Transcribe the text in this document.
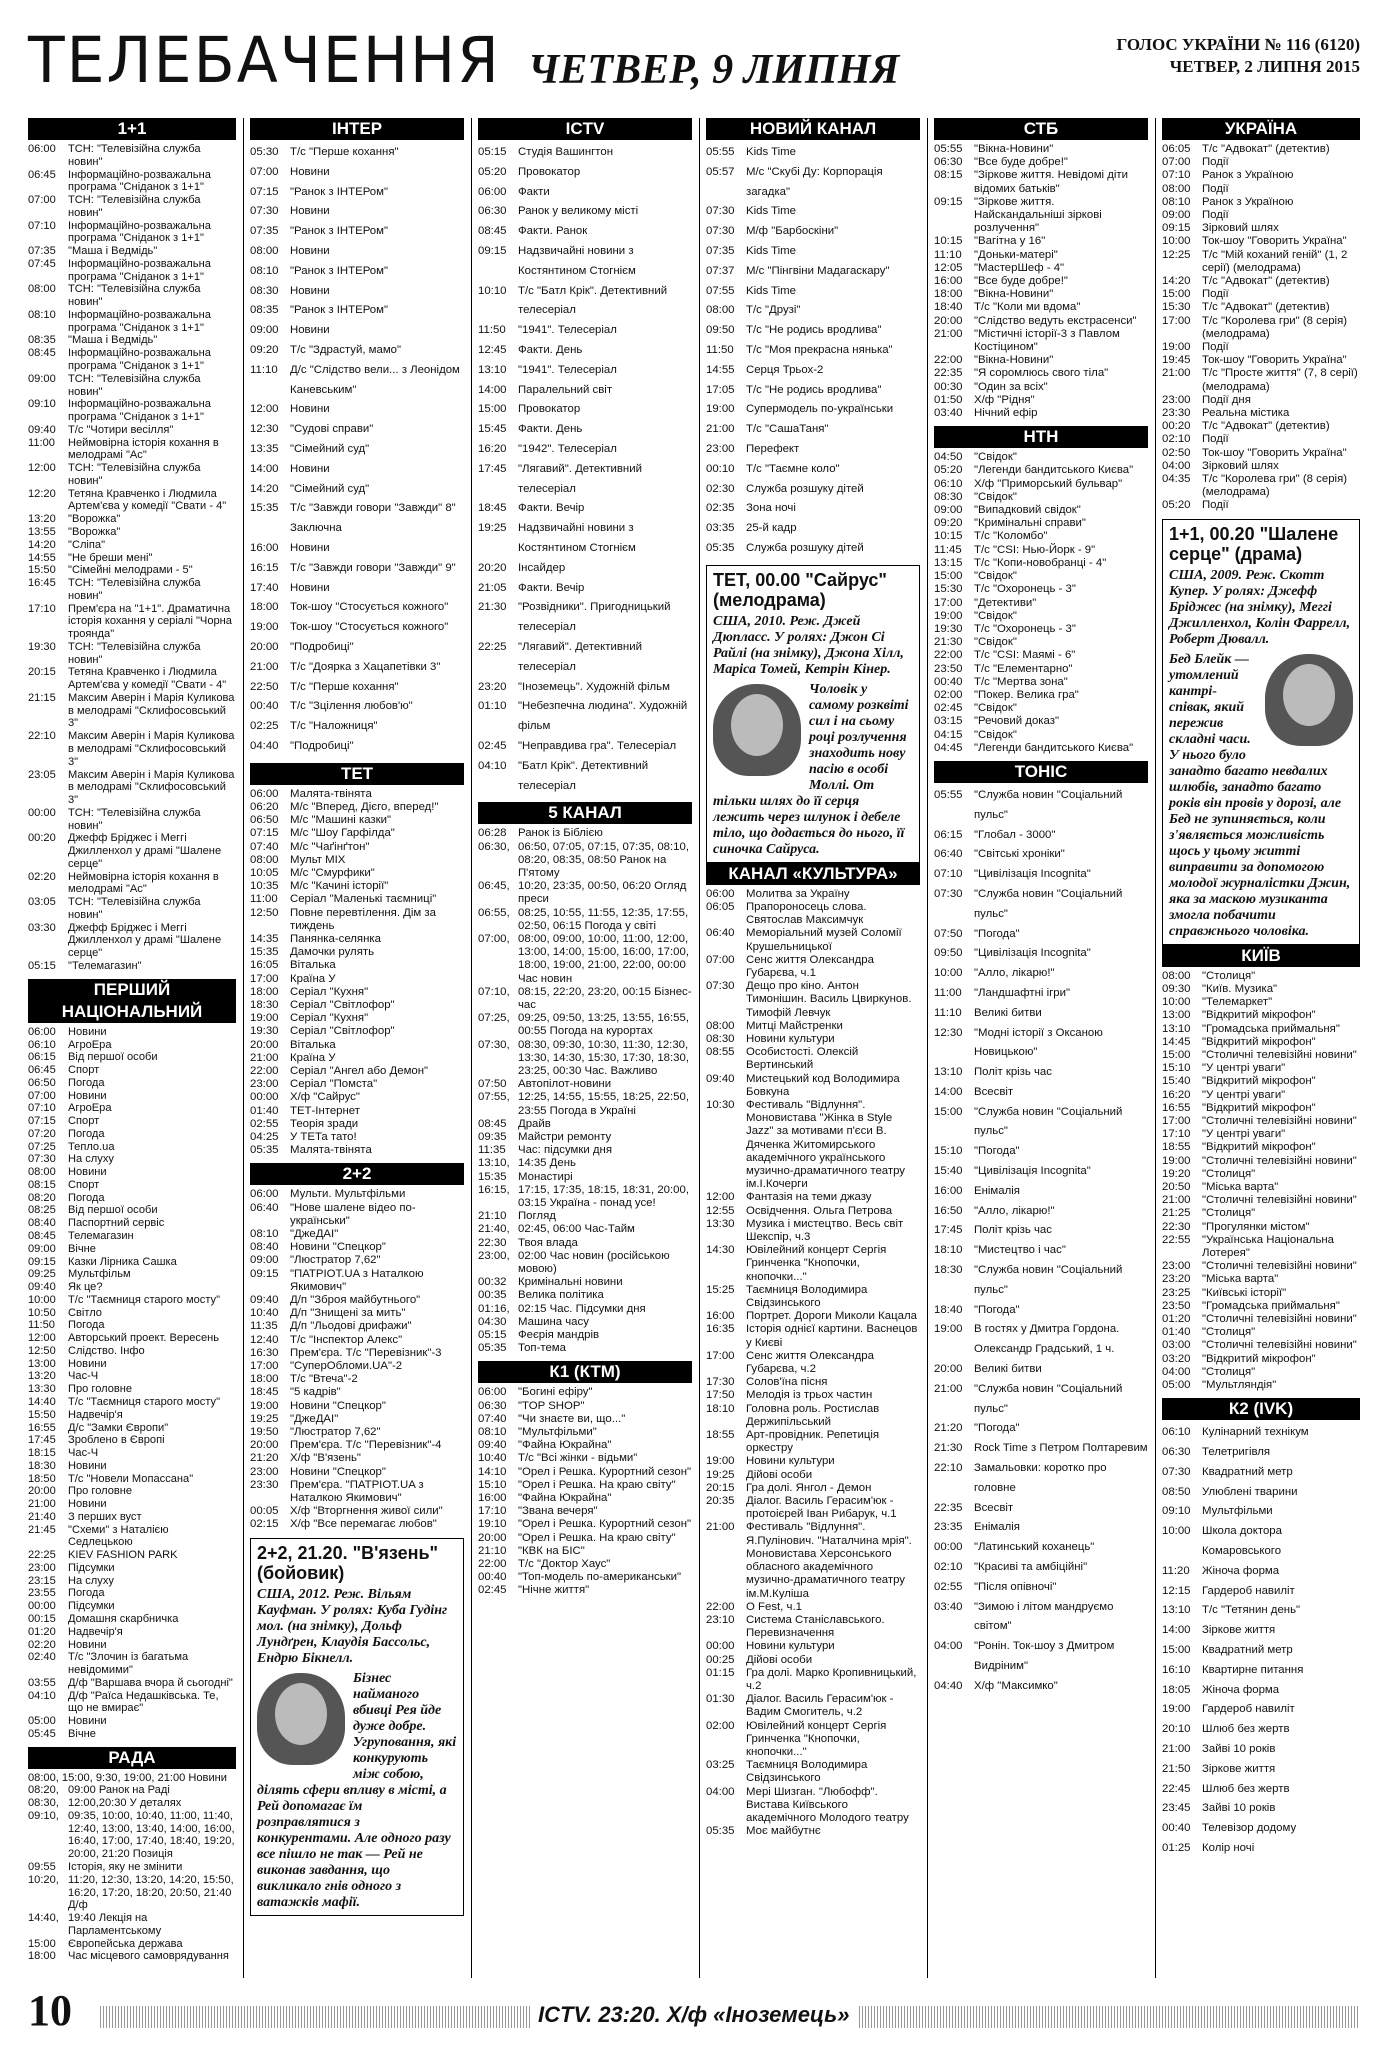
ТЕЛЕБАЧЕННЯ ЧЕТВЕР, 9 ЛИПНЯ
ГОЛОС УКРАЇНИ № 116 (6120)
ЧЕТВЕР, 2 ЛИПНЯ 2015
1+1
06:00	ТСН: "Телевізійна служба новин"
06:45	Інформаційно-розважальна програма "Сніданок з 1+1"
07:00	ТСН: "Телевізійна служба новин"
07:10	Інформаційно-розважальна програма "Сніданок з 1+1"
07:35	"Маша і Ведмідь"
07:45	Інформаційно-розважальна програма "Сніданок з 1+1"
08:00	ТСН: "Телевізійна служба новин"
08:10	Інформаційно-розважальна програма "Сніданок з 1+1"
08:35	"Маша і Ведмідь"
08:45	Інформаційно-розважальна програма "Сніданок з 1+1"
09:00	ТСН: "Телевізійна служба новин"
09:10	Інформаційно-розважальна програма "Сніданок з 1+1"
09:40	Т/с "Чотири весілля"
11:00	Неймовірна історія кохання в мелодрамі "Ас"
12:00	ТСН: "Телевізійна служба новин"
12:20	Тетяна Кравченко і Людмила Артем'єва у комедії "Свати - 4"
13:20	"Ворожка"
13:55	"Ворожка"
14:20	"Сліпа"
14:55	"Не бреши мені"
15:50	"Сімейні мелодрами - 5"
16:45	ТСН: "Телевізійна служба новин"
17:10	Прем'єра на "1+1". Драматична історія кохання у серіалі "Чорна троянда"
19:30	ТСН: "Телевізійна служба новин"
20:15	Тетяна Кравченко і Людмила Артем'єва у комедії "Свати - 4"
21:15	Максим Аверін і Марія Куликова в мелодрамі "Склифосовський 3"
22:10	Максим Аверін і Марія Куликова в мелодрамі "Склифосовський 3"
23:05	Максим Аверін і Марія Куликова в мелодрамі "Склифосовський 3"
00:00	ТСН: "Телевізійна служба новин"
00:20	Джефф Бріджес і Меггі Джилленхол у драмі "Шалене серце"
02:20	Неймовірна історія кохання в мелодрамі "Ас"
03:05	ТСН: "Телевізійна служба новин"
03:30	Джефф Бріджес і Меггі Джилленхол у драмі "Шалене серце"
05:15	"Телемагазин"
ПЕРШИЙ НАЦІОНАЛЬНИЙ
06:00	Новини
06:10	АгроЕра
06:15	Від першої особи
06:45	Спорт
06:50	Погода
07:00	Новини
07:10	АгроЕра
07:15	Спорт
07:20	Погода
07:25	Тепло.ua
07:30	На слуху
08:00	Новини
08:15	Спорт
08:20	Погода
08:25	Від першої особи
08:40	Паспортний сервіс
08:45	Телемагазин
09:00	Вічне
09:15	Казки Лірника Сашка
09:25	Мультфільм
09:40	Як це?
10:00	Т/с "Таємниця старого мосту"
10:50	Світло
11:50	Погода
12:00	Авторський проект. Вересень
12:50	Слідство. Інфо
13:00	Новини
13:20	Час-Ч
13:30	Про головне
14:40	Т/с "Таємниця старого мосту"
15:50	Надвечір'я
16:55	Д/с "Замки Європи"
17:45	Зроблено в Європі
18:15	Час-Ч
18:30	Новини
18:50	Т/с "Новели Мопассана"
20:00	Про головне
21:00	Новини
21:40	З перших вуст
21:45	"Схеми" з Наталією Седлецькою
22:25	KIEV FASHION PARK
23:00	Підсумки
23:15	На слуху
23:55	Погода
00:00	Підсумки
00:15	Домашня скарбничка
01:20	Надвечір'я
02:20	Новини
02:40	Т/с "Злочин із багатьма невідомими"
03:55	Д/ф "Варшава вчора й сьогодні"
04:10	Д/ф "Раїса Недашківська. Те, що не вмирає"
05:00	Новини
05:45	Вічне
РАДА
08:00, 15:00, 9:30, 19:00, 21:00 Новини
08:20, 09:00 Ранок на Раді
08:30, 12:00,20:30 У деталях
09:10, 09:35, 10:00, 10:40, 11:00, 11:40, 12:40, 13:00, 13:40, 14:00, 16:00, 16:40, 17:00, 17:40, 18:40, 19:20, 20:00, 21:20 Позиція
09:55	Історія, яку не змінити
10:20, 11:20, 12:30, 13:20, 14:20, 15:50, 16:20, 17:20, 18:20, 20:50, 21:40 Д/ф
14:40, 19:40 Лекція на Парламентському
15:00	Європейська держава
18:00	Час місцевого самоврядування
ІНТЕР
05:30	Т/с "Перше кохання"
07:00	Новини
07:15	"Ранок з ІНТЕРом"
07:30	Новини
07:35	"Ранок з ІНТЕРом"
08:00	Новини
08:10	"Ранок з ІНТЕРом"
08:30	Новини
08:35	"Ранок з ІНТЕРом"
09:00	Новини
09:20	Т/с "Здрастуй, мамо"
11:10	Д/с "Слідство вели... з Леонідом Каневським"
12:00	Новини
12:30	"Судові справи"
13:35	"Сімейний суд"
14:00	Новини
14:20	"Сімейний суд"
15:35	Т/с "Завжди говори "Завжди" 8" Заключна
16:00	Новини
16:15	Т/с "Завжди говори "Завжди" 9"
17:40	Новини
18:00	Ток-шоу "Стосується кожного"
19:00	Ток-шоу "Стосується кожного"
20:00	"Подробиці"
21:00	Т/с "Доярка з Хацапетівки 3"
22:50	Т/с "Перше кохання"
00:40	Т/с "Зцілення любов'ю"
02:25	Т/с "Наложниця"
04:40	"Подробиці"
ТЕТ
06:00	Малята-твінятa
06:20	М/с "Вперед, Дієго, вперед!"
06:50	М/с "Машині казки"
07:15	М/с "Шоу Гарфілда"
07:40	М/с "Чаґінґтон"
08:00	Мульт MIX
10:05	М/с "Смурфики"
10:35	М/с "Качині історії"
11:00	Серіал "Маленькі таємниці"
12:50	Повне перевтілення. Дім за тиждень
14:35	Панянка-селянка
15:35	Дамочки рулять
16:05	Віталька
17:00	Країна У
18:00	Серіал "Кухня"
18:30	Серіал "Світлофор"
19:00	Серіал "Кухня"
19:30	Серіал "Світлофор"
20:00	Віталька
21:00	Країна У
22:00	Серіал "Ангел або Демон"
23:00	Серіал "Помста"
00:00	Х/ф "Сайрус"
01:40	ТЕТ-Інтернет
02:55	Теорія зради
04:25	У ТЕТа тато!
05:35	Малята-твінятa
2+2
06:00	Мульти. Мультфільми
06:40	"Нове шалене відео по-українськи"
08:10	"ДжеДАІ"
08:40	Новини "Спецкор"
09:00	"Люстратор 7,62"
09:15	"ПАТРІОТ.UA з Наталкою Якимович"
09:40	Д/п "Зброя майбутнього"
10:40	Д/п "Знищені за мить"
11:35	Д/п "Льодові дрифажи"
12:40	Т/с "Інспектор Алекс"
16:30	Прем'єра. Т/с "Перевізник"-3
17:00	"СуперОбломи.UA"-2
18:00	Т/с "Втеча"-2
18:45	"5 кадрів"
19:00	Новини "Спецкор"
19:25	"ДжеДАІ"
19:50	"Люстратор 7,62"
20:00	Прем'єра. Т/с "Перевізник"-4
21:20	Х/ф "В'язень"
23:00	Новини "Спецкор"
23:30	Прем'єра. "ПАТРІОТ.UA з Наталкою Якимович"
00:05	Х/ф "Вторгнення живої сили"
02:15	Х/ф "Все перемагає любов"
2+2, 21.20. "В'язень" (бойовик)
США, 2012. Реж. Вільям Кауфман. У ролях: Куба Гудінг мол. (на знімку), Дольф Лундґрен, Клаудія Бассольс, Ендрю Бікнелл.
Бізнес найманого вбивці Рея йде дуже добре. Угруповання, які конкурують між собою, ділять сфери впливу в місті, а Рей допомагає їм розправлятися з конкурентами. Але одного разу все пішло не так — Рей не виконав завдання, що викликало гнів одного з ватажків мафії.
ICTV
05:15	Студія Вашингтон
05:20	Провокатор
06:00	Факти
06:30	Ранок у великому місті
08:45	Факти. Ранок
09:15	Надзвичайні новини з Костянтином Стогнієм
10:10	Т/с "Батл Крік". Детективний телесеріал
11:50	"1941". Телесеріал
12:45	Факти. День
13:10	"1941". Телесеріал
14:00	Паралельний світ
15:00	Провокатор
15:45	Факти. День
16:20	"1942". Телесеріал
17:45	"Лягавий". Детективний телесеріал
18:45	Факти. Вечір
19:25	Надзвичайні новини з Костянтином Стогнієм
20:20	Інсайдер
21:05	Факти. Вечір
21:30	"Розвідники". Пригодницький телесеріал
22:25	"Лягавий". Детективний телесеріал
23:20	"Іноземець". Художній фільм
01:10	"Небезпечна людина". Художній фільм
02:45	"Неправдива гра". Телесеріал
04:10	"Батл Крік". Детективний телесеріал
5 КАНАЛ
06:28	Ранок із Біблією
06:30, 06:50, 07:05, 07:15, 07:35, 08:10, 08:20, 08:35, 08:50 Ранок на П'ятому
06:45, 10:20, 23:35, 00:50, 06:20 Огляд преси
06:55, 08:25, 10:55, 11:55, 12:35, 17:55, 02:50, 06:15 Погода у світі
07:00, 08:00, 09:00, 10:00, 11:00, 12:00, 13:00, 14:00, 15:00, 16:00, 17:00, 18:00, 19:00, 21:00, 22:00, 00:00 Час новин
07:10, 08:15, 22:20, 23:20, 00:15 Бізнес-час
07:25, 09:25, 09:50, 13:25, 13:55, 16:55, 00:55 Погода на курортах
07:30, 08:30, 09:30, 10:30, 11:30, 12:30, 13:30, 14:30, 15:30, 17:30, 18:30, 23:25, 00:30 Час. Важливо
07:50	Автопілот-новини
07:55, 12:25, 14:55, 15:55, 18:25, 22:50, 23:55 Погода в Україні
08:45	Драйв
09:35	Майстри ремонту
11:35	Час: підсумки дня
13:10, 14:35 День
15:35	Монастирі
16:15, 17:15, 17:35, 18:15, 18:31, 20:00, 03:15 Україна - понад усе!
21:10	Погляд
21:40, 02:45, 06:00 Час-Тайм
22:30	Твоя влада
23:00, 02:00 Час новин (російською мовою)
00:32	Кримінальні новини
00:35	Велика політика
01:16, 02:15 Час. Підсумки дня
04:30	Машина часу
05:15	Феєрія мандрів
05:35	Топ-тема
К1 (КТМ)
06:00	"Богині ефіру"
06:30	"TOP SHOP"
07:40	"Чи знаєте ви, що..."
08:10	"Мультфільми"
09:40	"Файна Юкрайна"
10:40	Т/с "Всі жінки - відьми"
14:10	"Орел і Решка. Курортний сезон"
15:10	"Орел і Решка. На краю світу"
16:00	"Файна Юкрайна"
17:10	"Звана вечеря"
19:10	"Орел і Решка. Курортний сезон"
20:00	"Орел і Решка. На краю світу"
21:10	"КВК на БІС"
22:00	Т/с "Доктор Хаус"
00:40	"Топ-модель по-американськи"
02:45	"Нічне життя"
НОВИЙ КАНАЛ
05:55	Kids Time
05:57	М/с "Скубі Ду: Корпорація загадка"
07:30	Kids Time
07:30	М/ф "Барбоскіни"
07:35	Kids Time
07:37	М/с "Пінгвіни Мадагаскару"
07:55	Kids Time
08:00	Т/с "Друзі"
09:50	Т/с "Не родись вродлива"
11:50	Т/с "Моя прекрасна нянька"
14:55	Серця Трьох-2
17:05	Т/с "Не родись вродлива"
19:00	Супермодель по-українськи
21:00	Т/с "СашаТаня"
23:00	Перефект
00:10	Т/с "Таємне коло"
02:30	Служба розшуку дітей
02:35	Зона ночі
03:35	25-й кадр
05:35	Служба розшуку дітей
ТЕТ, 00.00 "Сайрус" (мелодрама)
США, 2010. Реж. Джей Дюпласс. У ролях: Джон Сі Райлі (на знімку), Джона Хілл, Маріса Томей, Кетрін Кінер.
Чоловік у самому розквіті сил і на сьому році розлучення знаходить нову пасію в особі Моллі. От тільки шлях до її серця лежить через шлунок і дебеле тіло, що додається до нього, її синочка Сайруса.
КАНАЛ «КУЛЬТУРА»
06:00	Молитва за Україну
06:05	Прапороносець слова. Святослав Максимчук
06:40	Меморіальний музей Соломії Крушельницької
07:00	Сенс життя Олександра Губарєва, ч.1
07:30	Дещо про кіно. Антон Тимонішин. Василь Цвиркунов. Тимофій Левчук
08:00	Митці Майстренки
08:30	Новини культури
08:55	Особистості. Олексій Вертинський
09:40	Мистецький код Володимира Бовкуна
10:30	Фестиваль "Відлуння". Моновистава "Жінка в Style Jazz" за мотивами п'єси В. Дяченка Житомирського академічного українського музично-драматичного театру ім.І.Кочерги
12:00	Фантазія на теми джазу
12:55	Освідчення. Ольга Петрова
13:30	Музика і мистецтво. Весь світ Шекспір, ч.3
14:30	Ювілейний концерт Сергія Гринченка "Кнопочки, кнопочки..."
15:25	Таємниця Володимира Свідзинського
16:00	Портрет. Дороги Миколи Кацала
16:35	Історія однієї картини. Васнецов у Києві
17:00	Сенс життя Олександра Губарєва, ч.2
17:30	Солов'їна пісня
17:50	Мелодія із трьох частин
18:10	Головна роль. Ростислав Держипільський
18:55	Арт-провідник. Репетиція оркестру
19:00	Новини культури
19:25	Дійові особи
20:15	Гра долі. Янгол - Демон
20:35	Діалог. Василь Герасим'юк - протоієрей Іван Рибарук, ч.1
21:00	Фестиваль "Відлуння". Я.Пулінович. "Наталчина мрія". Моновистава Херсонського обласного академічного музично-драматичного театру ім.М.Куліша
22:00	О Fest, ч.1
23:10	Система Станіславського. Перевизначення
00:00	Новини культури
00:25	Дійові особи
01:15	Гра долі. Марко Кропивницький, ч.2
01:30	Діалог. Василь Герасим'юк - Вадим Смогитель, ч.2
02:00	Ювілейний концерт Сергія Гринченка "Кнопочки, кнопочки..."
03:25	Таємниця Володимира Свідзинського
04:00	Мері Шизган. "Любофф". Вистава Київського академічного Молодого театру
05:35	Моє майбутнє
СТБ
05:55	"Вікна-Новини"
06:30	"Все буде добре!"
08:15	"Зіркове життя. Невідомі діти відомих батьків"
09:15	"Зіркове життя. Найскандальніші зіркові розлучення"
10:15	"Вагітна у 16"
11:10	"Доньки-матері"
12:05	"МастерШеф - 4"
16:00	"Все буде добре!"
18:00	"Вікна-Новини"
18:40	Т/с "Коли ми вдома"
20:00	"Слідство ведуть екстрасенси"
21:00	"Містичні історії-3 з Павлом Костіцином"
22:00	"Вікна-Новини"
22:35	"Я соромлюсь свого тіла"
00:30	"Один за всіх"
01:50	Х/ф "Рідня"
03:40	Нічний ефір
НТН
04:50	"Свідок"
05:20	"Легенди бандитського Києва"
06:10	Х/ф "Приморський бульвар"
08:30	"Свідок"
09:00	"Випадковий свідок"
09:20	"Кримінальні справи"
10:15	Т/с "Коломбо"
11:45	Т/с "CSI: Нью-Йорк - 9"
13:15	Т/с "Копи-новобранці - 4"
15:00	"Свідок"
15:30	Т/с "Охоронець - 3"
17:00	"Детективи"
19:00	"Свідок"
19:30	Т/с "Охоронець - 3"
21:30	"Свідок"
22:00	Т/с "CSI: Маямі - 6"
23:50	Т/с "Елементарно"
00:40	Т/с "Мертва зона"
02:00	"Покер. Велика гра"
02:45	"Свідок"
03:15	"Речовий доказ"
04:15	"Свідок"
04:45	"Легенди бандитського Києва"
ТОНІС
05:55	"Служба новин "Соціальний пульс"
06:15	"Глобал - 3000"
06:40	"Світські хроніки"
07:10	"Цивілізація Incognita"
07:30	"Служба новин "Соціальний пульс"
07:50	"Погода"
09:50	"Цивілізація Incognita"
10:00	"Алло, лікарю!"
11:00	"Ландшафтні ігри"
11:10	Великі битви
12:30	"Модні історії з Оксаною Новицькою"
13:10	Політ крізь час
14:00	Всесвіт
15:00	"Служба новин "Соціальний пульс"
15:10	"Погода"
15:40	"Цивілізація Incognita"
16:00	Енімалія
16:50	"Алло, лікарю!"
17:45	Політ крізь час
18:10	"Мистецтво і час"
18:30	"Служба новин "Соціальний пульс"
18:40	"Погода"
19:00	В гостях у Дмитра Гордона. Олександр Градський, 1 ч.
20:00	Великі битви
21:00	"Служба новин "Соціальний пульс"
21:20	"Погода"
21:30	Rock Time з Петром Полтаревим
22:10	Замальовки: коротко про головне
22:35	Всесвіт
23:35	Енімалія
00:00	"Латинський коханець"
02:10	"Красиві та амбіційні"
02:55	"Після опівночі"
03:40	"Зимою і літом мандруємо світом"
04:00	"Ронін. Ток-шоу з Дмитром Видріним"
04:40	Х/ф "Максимко"
УКРАЇНА
06:05	Т/с "Адвокат" (детектив)
07:00	Події
07:10	Ранок з Україною
08:00	Події
08:10	Ранок з Україною
09:00	Події
09:15	Зірковий шлях
10:00	Ток-шоу "Говорить Україна"
12:25	Т/с "Мій коханий геній" (1, 2 серії) (мелодрама)
14:20	Т/с "Адвокат" (детектив)
15:00	Події
15:30	Т/с "Адвокат" (детектив)
17:00	Т/с "Королева гри" (8 серія) (мелодрама)
19:00	Події
19:45	Ток-шоу "Говорить Україна"
21:00	Т/с "Просте життя" (7, 8 серії) (мелодрама)
23:00	Події дня
23:30	Реальна містика
00:20	Т/с "Адвокат" (детектив)
02:10	Події
02:50	Ток-шоу "Говорить Україна"
04:00	Зірковий шлях
04:35	Т/с "Королева гри" (8 серія) (мелодрама)
05:20	Події
1+1, 00.20 "Шалене серце" (драма)
США, 2009. Реж. Скотт Купер. У ролях: Джефф Бріджес (на знімку), Меггі Джилленхол, Колін Фаррелл, Роберт Дювалл.
Бед Блейк — утомлений кантрі-співак, який пережив складні часи. У нього було занадто багато невдалих шлюбів, занадто багато років він провів у дорозі, але Бед не зупиняється, коли з'являється можливість щось у цьому житті виправити за допомогою молодої журналістки Джин, яка за маскою музиканта змогла побачити справжнього чоловіка.
КИЇВ
08:00	"Столиця"
09:30	"Київ. Музика"
10:00	"Телемаркет"
13:00	"Відкритий мікрофон"
13:10	"Громадська приймальня"
14:45	"Відкритий мікрофон"
15:00	"Столичні телевізійні новини"
15:10	"У центрі уваги"
15:40	"Відкритий мікрофон"
16:20	"У центрі уваги"
16:55	"Відкритий мікрофон"
17:00	"Столичні телевізійні новини"
17:10	"У центрі уваги"
18:55	"Відкритий мікрофон"
19:00	"Столичні телевізійні новини"
19:20	"Столиця"
20:50	"Міська варта"
21:00	"Столичні телевізійні новини"
21:25	"Столиця"
22:30	"Прогулянки містом"
22:55	"Українська Національна Лотерея"
23:00	"Столичні телевізійні новини"
23:20	"Міська варта"
23:25	"Київські історії"
23:50	"Громадська приймальня"
01:20	"Столичні телевізійні новини"
01:40	"Столиця"
03:00	"Столичні телевізійні новини"
03:20	"Відкритий мікрофон"
04:00	"Столиця"
05:00	"Мультляндія"
К2 (IVK)
06:10	Кулінарний технікум
06:30	Телетригівля
07:30	Квадратний метр
08:50	Улюблені тварини
09:10	Мультфільми
10:00	Школа доктора Комаровського
11:20	Жіноча форма
12:15	Гардероб навиліт
13:10	Т/с "Тетянин день"
14:00	Зіркове життя
15:00	Квадратний метр
16:10	Квартирне питання
18:05	Жіноча форма
19:00	Гардероб навиліт
20:10	Шлюб без жертв
21:00	Зайві 10 років
21:50	Зіркове життя
22:45	Шлюб без жертв
23:45	Зайві 10 років
00:40	Телевізор додому
01:25	Колір ночі
10	ICTV. 23:20. Х/ф «Іноземець»
